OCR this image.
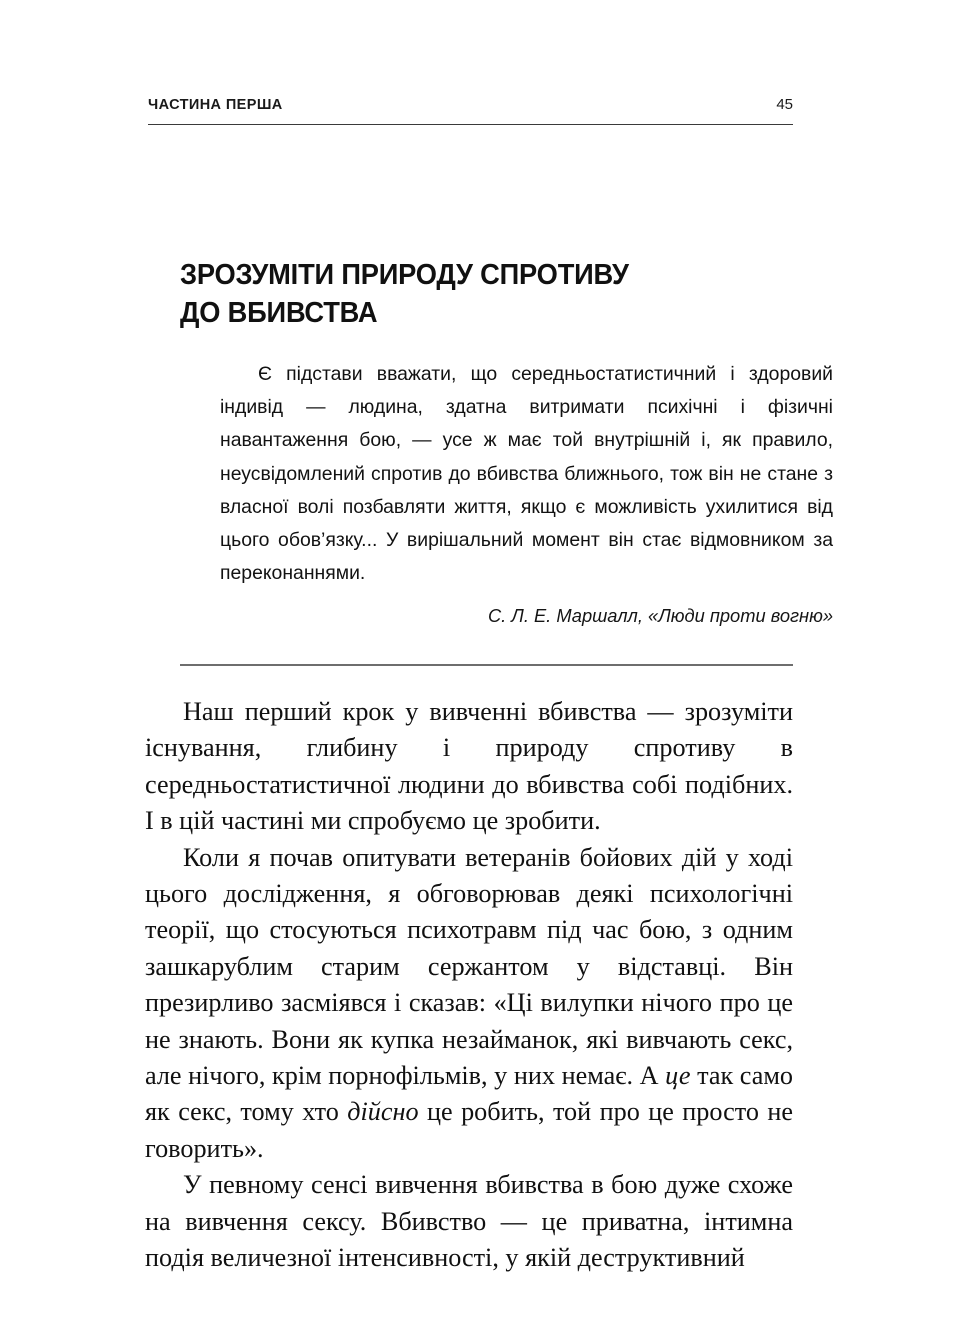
ЧАСТИНА ПЕРША	45
ЗРОЗУМІТИ ПРИРОДУ СПРОТИВУ
ДО ВБИВСТВА

Є підстави вважати, що середньостатистичний і здоровий індивід — людина, здатна витримати психічні і фізичні навантаження бою, — усе ж має той внутрішній і, як правило, неусвідомлений спротив до вбивства ближнього, тож він не стане з власної волі позбавляти життя, якщо є можливість ухилитися від цього обов’язку... У вирішальний момент він стає відмовником за переконаннями.

С. Л. Е. Маршалл, «Люди проти вогню»

Наш перший крок у вивченні вбивства — зрозуміти існування, глибину і природу спротиву в середньостатистичної людини до вбивства собі подібних. І в цій частині ми спробуємо це зробити.

Коли я почав опитувати ветеранів бойових дій у ході цього дослідження, я обговорював деякі психологічні теорії, що стосуються психотравм під час бою, з одним зашкарублим старим сержантом у відставці. Він презирливо засміявся і сказав: «Ці вилупки нічого про це не знають. Вони як купка незайманок, які вивчають секс, але нічого, крім порнофільмів, у них немає. А це так само як секс, тому хто дійсно це робить, той про це просто не говорить».

У певному сенсі вивчення вбивства в бою дуже схоже на вивчення сексу. Вбивство — це приватна, інтимна подія величезної інтенсивності, у якій деструктивний
